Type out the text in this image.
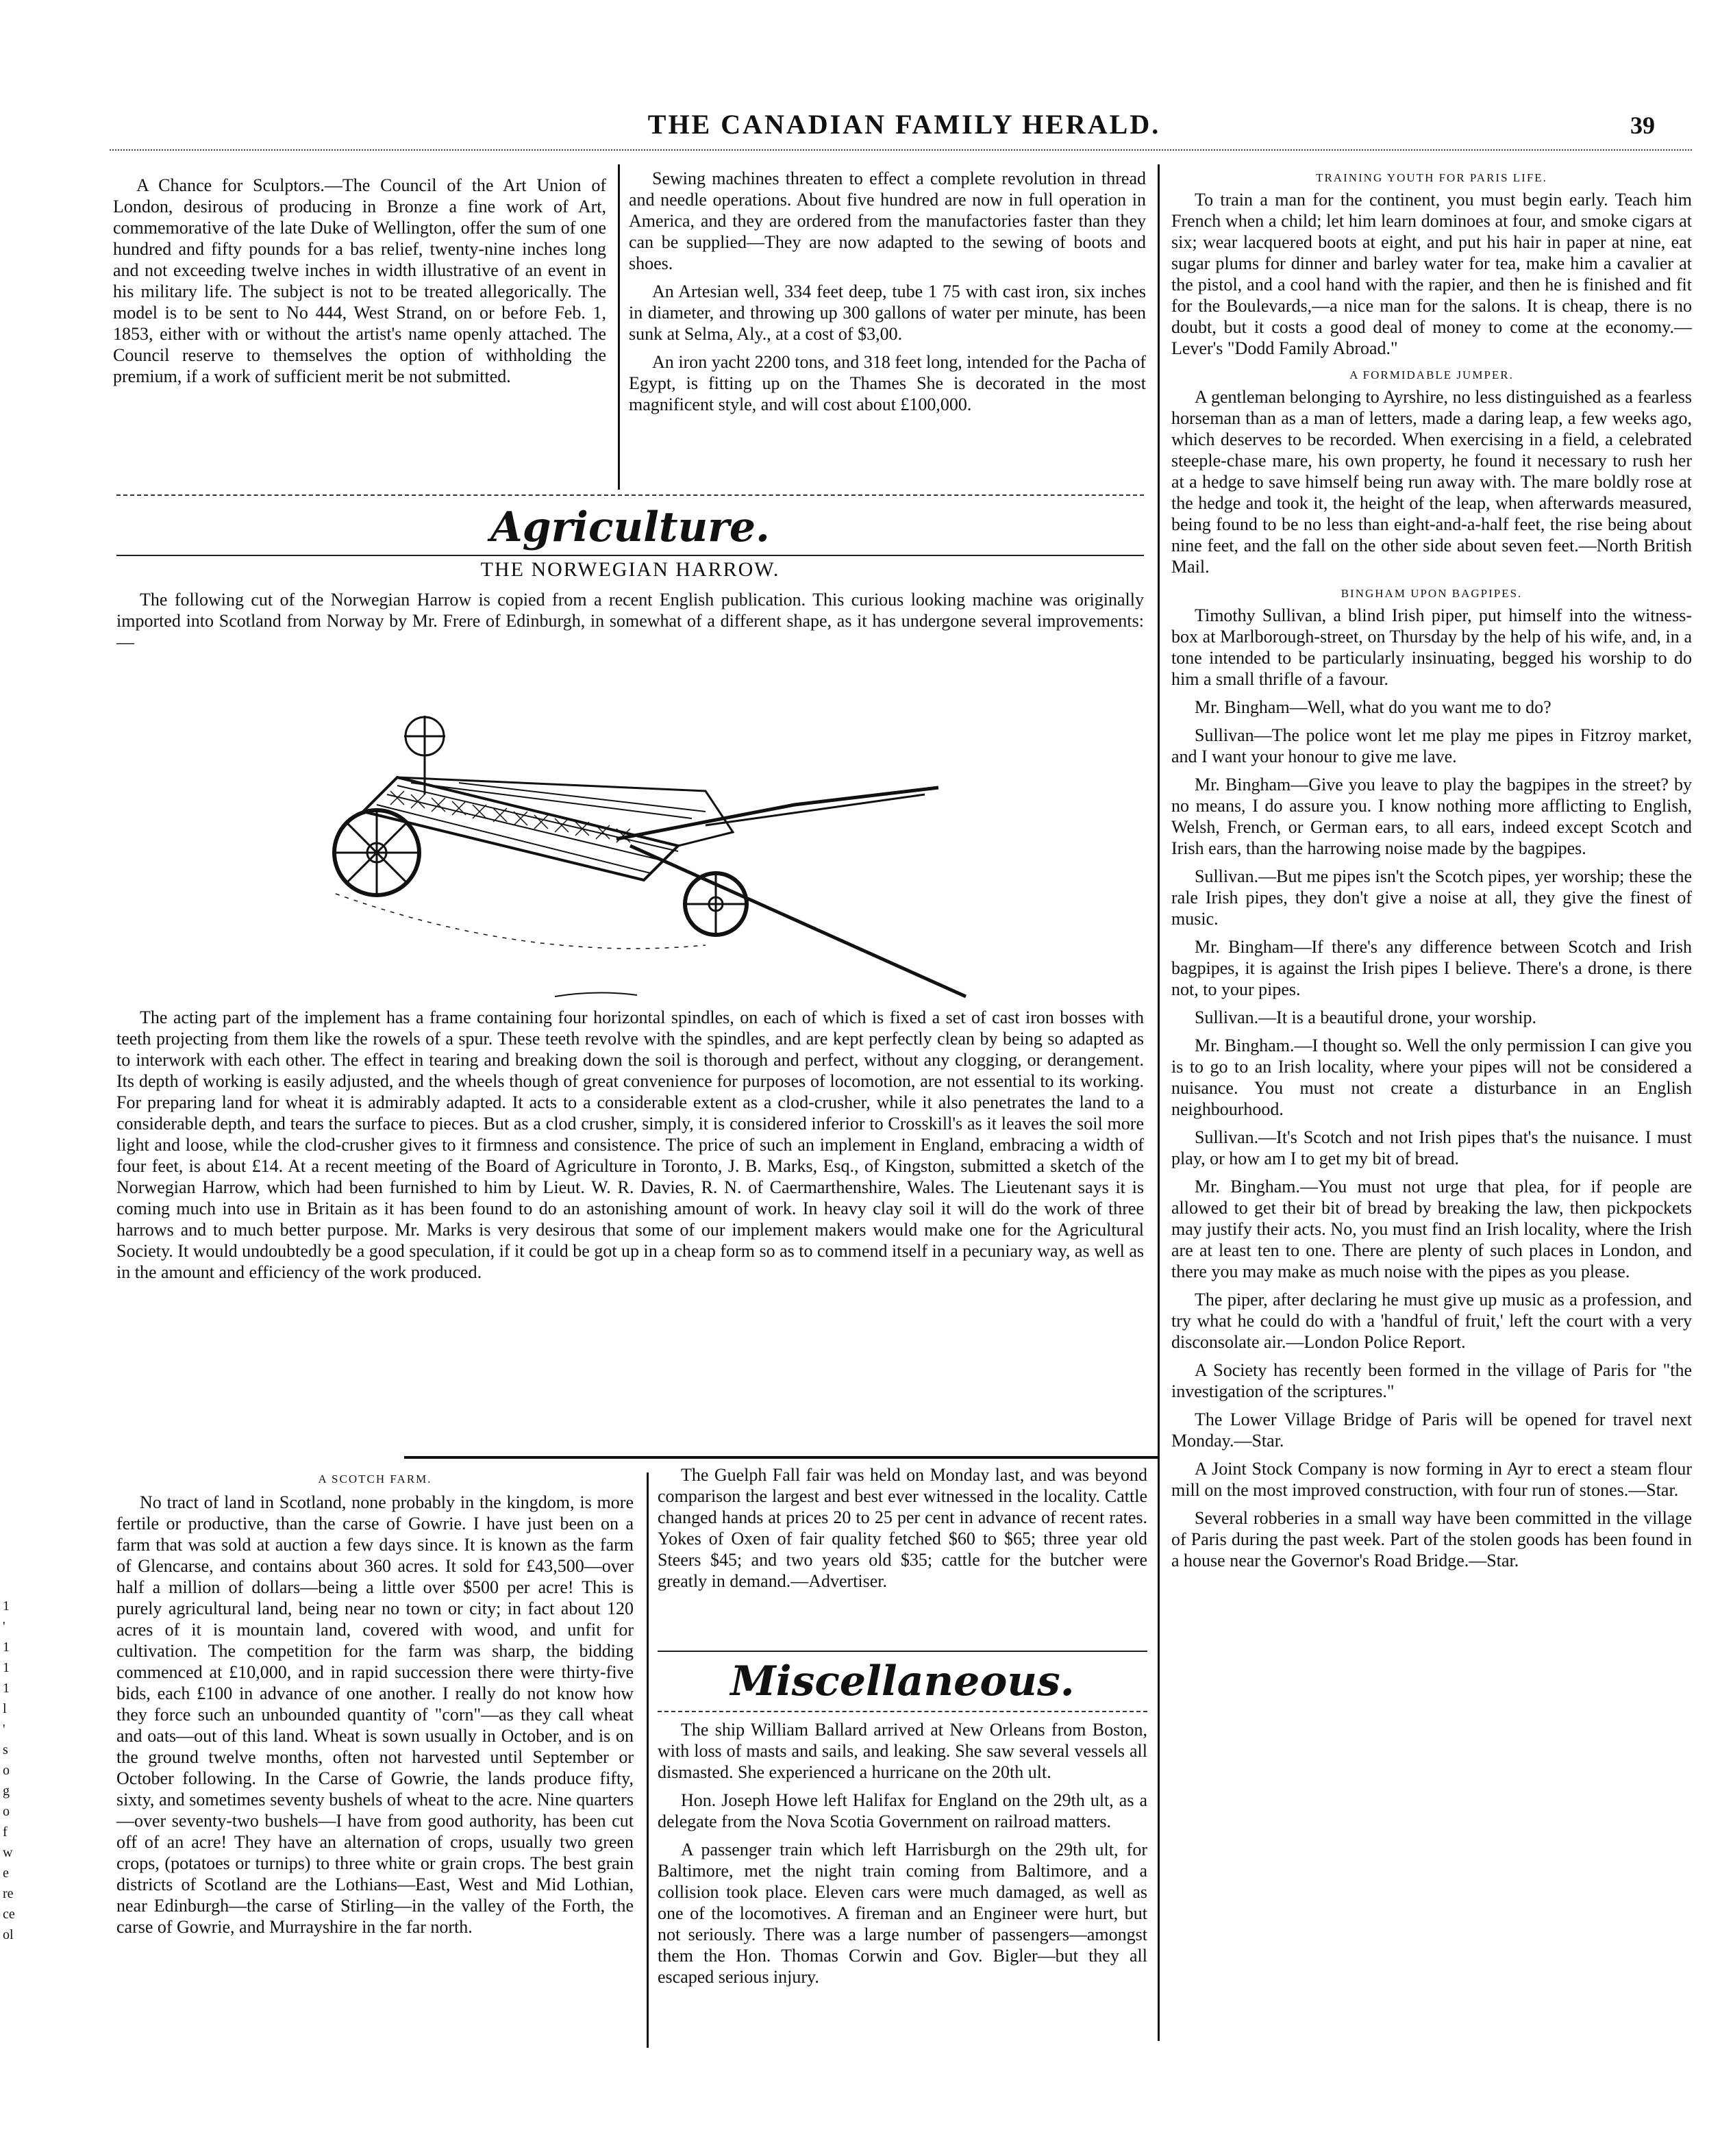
THE CANADIAN FAMILY HERALD.	39

A Chance for Sculptors.—The Council of the Art Union of London, desirous of producing in Bronze a fine work of Art, commemorative of the late Duke of Wellington, offer the sum of one hundred and fifty pounds for a bas relief, twenty-nine inches long and not exceeding twelve inches in width illustrative of an event in his military life. The subject is not to be treated allegorically. The model is to be sent to No 444, West Strand, on or before Feb. 1, 1853, either with or without the artist's name openly attached. The Council reserve to themselves the option of withholding the premium, if a work of sufficient merit be not submitted.

Sewing machines threaten to effect a complete revolution in thread and needle operations. About five hundred are now in full operation in America, and they are ordered from the manufactories faster than they can be supplied—They are now adapted to the sewing of boots and shoes.

An Artesian well, 334 feet deep, tube 1 75 with cast iron, six inches in diameter, and throwing up 300 gallons of water per minute, has been sunk at Selma, Aly., at a cost of $3,00.

An iron yacht 2200 tons, and 318 feet long, intended for the Pacha of Egypt, is fitting up on the Thames She is decorated in the most magnificent style, and will cost about £100,000.

Agriculture.
THE NORWEGIAN HARROW.

The following cut of the Norwegian Harrow is copied from a recent English publication. This curious looking machine was originally imported into Scotland from Norway by Mr. Frere of Edinburgh, in somewhat of a different shape, as it has undergone several improvements:—

The acting part of the implement has a frame containing four horizontal spindles, on each of which is fixed a set of cast iron bosses with teeth projecting from them like the rowels of a spur. These teeth revolve with the spindles, and are kept perfectly clean by being so adapted as to interwork with each other. The effect in tearing and breaking down the soil is thorough and perfect, without any clogging, or derangement. Its depth of working is easily adjusted, and the wheels though of great convenience for purposes of locomotion, are not essential to its working. For preparing land for wheat it is admirably adapted. It acts to a considerable extent as a clod-crusher, while it also penetrates the land to a considerable depth, and tears the surface to pieces. But as a clod crusher, simply, it is considered inferior to Crosskill's as it leaves the soil more light and loose, while the clod-crusher gives to it firmness and consistence. The price of such an implement in England, embracing a width of four feet, is about £14. At a recent meeting of the Board of Agriculture in Toronto, J. B. Marks, Esq., of Kingston, submitted a sketch of the Norwegian Harrow, which had been furnished to him by Lieut. W. R. Davies, R. N. of Caermarthenshire, Wales. The Lieutenant says it is coming much into use in Britain as it has been found to do an astonishing amount of work. In heavy clay soil it will do the work of three harrows and to much better purpose. Mr. Marks is very desirous that some of our implement makers would make one for the Agricultural Society. It would undoubtedly be a good speculation, if it could be got up in a cheap form so as to commend itself in a pecuniary way, as well as in the amount and efficiency of the work produced.

A SCOTCH FARM.

No tract of land in Scotland, none probably in the kingdom, is more fertile or productive, than the carse of Gowrie. I have just been on a farm that was sold at auction a few days since. It is known as the farm of Glencarse, and contains about 360 acres. It sold for £43,500—over half a million of dollars—being a little over $500 per acre! This is purely agricultural land, being near no town or city; in fact about 120 acres of it is mountain land, covered with wood, and unfit for cultivation. The competition for the farm was sharp, the bidding commenced at £10,000, and in rapid succession there were thirty-five bids, each £100 in advance of one another. I really do not know how they force such an unbounded quantity of "corn"—as they call wheat and oats—out of this land. Wheat is sown usually in October, and is on the ground twelve months, often not harvested until September or October following. In the Carse of Gowrie, the lands produce fifty, sixty, and sometimes seventy bushels of wheat to the acre. Nine quarters—over seventy-two bushels—I have from good authority, has been cut off of an acre! They have an alternation of crops, usually two green crops, (potatoes or turnips) to three white or grain crops. The best grain districts of Scotland are the Lothians—East, West and Mid Lothian, near Edinburgh—the carse of Stirling—in the valley of the Forth, the carse of Gowrie, and Murrayshire in the far north.

The Guelph Fall fair was held on Monday last, and was beyond comparison the largest and best ever witnessed in the locality. Cattle changed hands at prices 20 to 25 per cent in advance of recent rates. Yokes of Oxen of fair quality fetched $60 to $65; three year old Steers $45; and two years old $35; cattle for the butcher were greatly in demand.—Advertiser.

Miscellaneous.

The ship William Ballard arrived at New Orleans from Boston, with loss of masts and sails, and leaking. She saw several vessels all dismasted. She experienced a hurricane on the 20th ult.

Hon. Joseph Howe left Halifax for England on the 29th ult, as a delegate from the Nova Scotia Government on railroad matters.

A passenger train which left Harrisburgh on the 29th ult, for Baltimore, met the night train coming from Baltimore, and a collision took place. Eleven cars were much damaged, as well as one of the locomotives. A fireman and an Engineer were hurt, but not seriously. There was a large number of passengers—amongst them the Hon. Thomas Corwin and Gov. Bigler—but they all escaped serious injury.

TRAINING YOUTH FOR PARIS LIFE.

To train a man for the continent, you must begin early. Teach him French when a child; let him learn dominoes at four, and smoke cigars at six; wear lacquered boots at eight, and put his hair in paper at nine, eat sugar plums for dinner and barley water for tea, make him a cavalier at the pistol, and a cool hand with the rapier, and then he is finished and fit for the Boulevards,—a nice man for the salons. It is cheap, there is no doubt, but it costs a good deal of money to come at the economy.—Lever's "Dodd Family Abroad."

A FORMIDABLE JUMPER.

A gentleman belonging to Ayrshire, no less distinguished as a fearless horseman than as a man of letters, made a daring leap, a few weeks ago, which deserves to be recorded. When exercising in a field, a celebrated steeple-chase mare, his own property, he found it necessary to rush her at a hedge to save himself being run away with. The mare boldly rose at the hedge and took it, the height of the leap, when afterwards measured, being found to be no less than eight-and-a-half feet, the rise being about nine feet, and the fall on the other side about seven feet.—North British Mail.

BINGHAM UPON BAGPIPES.

Timothy Sullivan, a blind Irish piper, put himself into the witness-box at Marlborough-street, on Thursday by the help of his wife, and, in a tone intended to be particularly insinuating, begged his worship to do him a small thrifle of a favour.

Mr. Bingham—Well, what do you want me to do?

Sullivan—The police wont let me play me pipes in Fitzroy market, and I want your honour to give me lave.

Mr. Bingham—Give you leave to play the bagpipes in the street? by no means, I do assure you. I know nothing more afflicting to English, Welsh, French, or German ears, to all ears, indeed except Scotch and Irish ears, than the harrowing noise made by the bagpipes.

Sullivan.—But me pipes isn't the Scotch pipes, yer worship; these the rale Irish pipes, they don't give a noise at all, they give the finest of music.

Mr. Bingham—If there's any difference between Scotch and Irish bagpipes, it is against the Irish pipes I believe. There's a drone, is there not, to your pipes.

Sullivan.—It is a beautiful drone, your worship.

Mr. Bingham.—I thought so. Well the only permission I can give you is to go to an Irish locality, where your pipes will not be considered a nuisance. You must not create a disturbance in an English neighbourhood.

Sullivan.—It's Scotch and not Irish pipes that's the nuisance. I must play, or how am I to get my bit of bread.

Mr. Bingham.—You must not urge that plea, for if people are allowed to get their bit of bread by breaking the law, then pickpockets may justify their acts. No, you must find an Irish locality, where the Irish are at least ten to one. There are plenty of such places in London, and there you may make as much noise with the pipes as you please.

The piper, after declaring he must give up music as a profession, and try what he could do with a 'handful of fruit,' left the court with a very disconsolate air.—London Police Report.

A Society has recently been formed in the village of Paris for "the investigation of the scriptures."

The Lower Village Bridge of Paris will be opened for travel next Monday.—Star.

A Joint Stock Company is now forming in Ayr to erect a steam flour mill on the most improved construction, with four run of stones.—Star.

Several robberies in a small way have been committed in the village of Paris during the past week. Part of the stolen goods has been found in a house near the Governor's Road Bridge.—Star.

1
'
1
1
1
l
'
s
o
g
o
f
w
e
re
ce
ol
